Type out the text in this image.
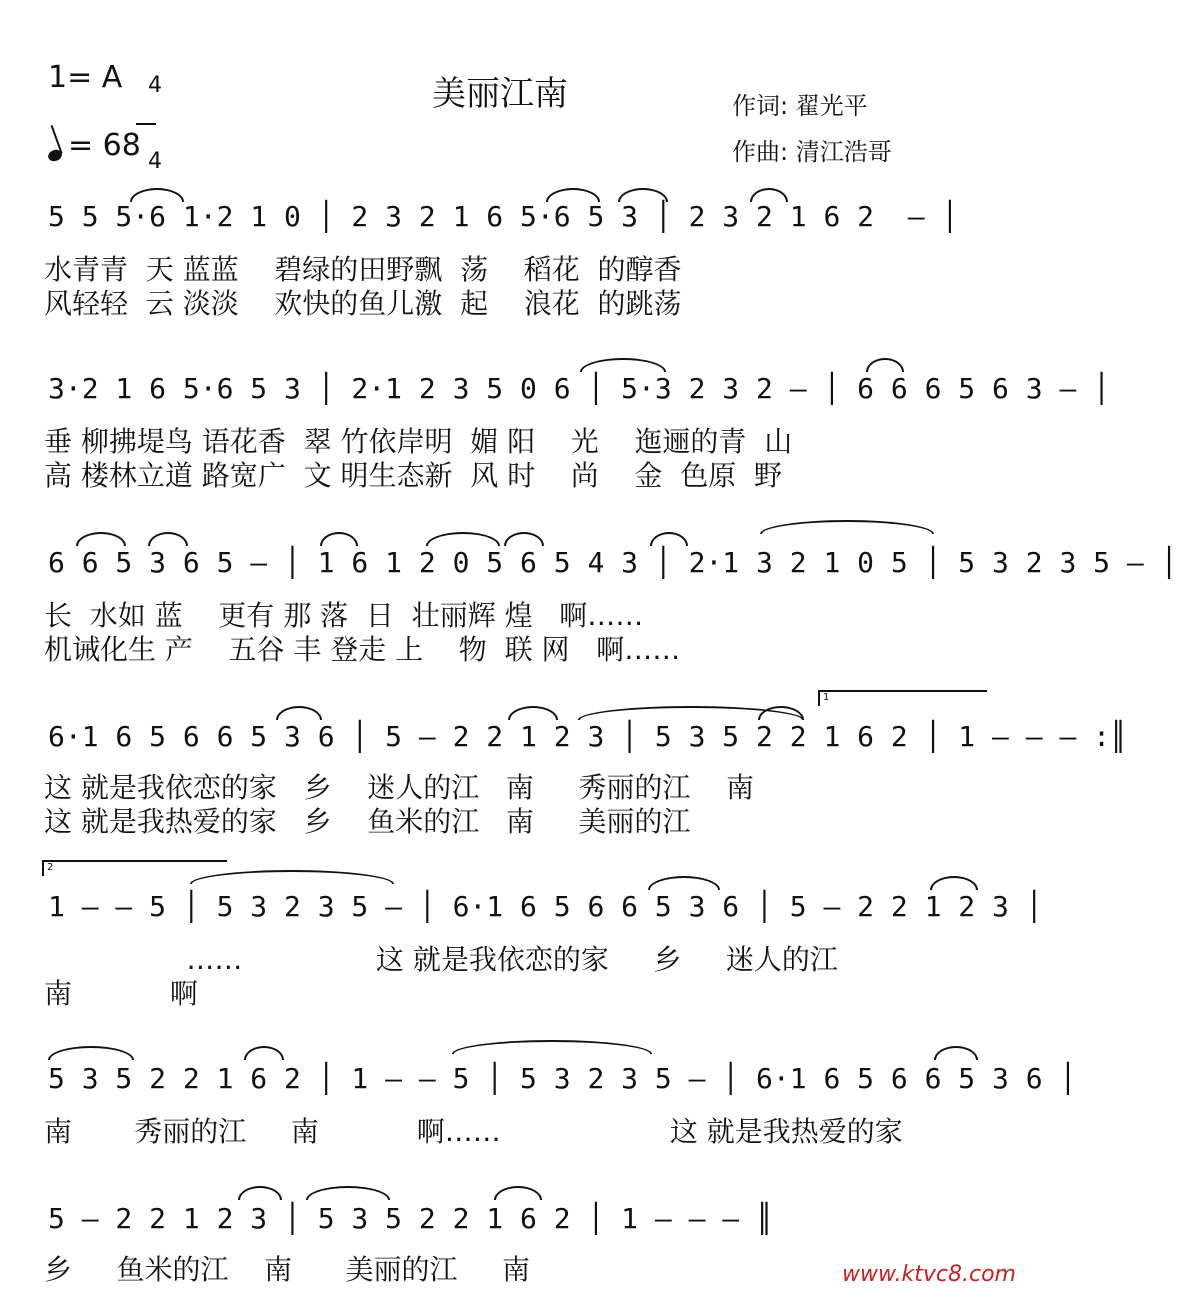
1= A	4

4

= 68
美丽江南	作词: 翟光平
作曲: 清江浩哥
5 5 5·6 1·2 1 0 │ 2 3 2 1 6 5·6 5 3 │ 2 3 2 1 6 2  – │
水青青  天 蓝蓝    碧绿的田野飘  荡    稻花  的醇香
风轻轻  云 淡淡    欢快的鱼儿激  起    浪花  的跳荡
3·2 1 6 5·6 5 3 │ 2·1 2 3 5 0 6 │ 5·3 2 3 2 – │ 6 6 6 5 6 3 – │
垂 柳拂堤鸟 语花香  翠 竹依岸明  媚 阳    光    迤逦的青  山
高 楼林立道 路宽广  文 明生态新  风 时    尚    金  色原  野
6 6 5 3 6 5 – │ 1 6 1 2 0 5 6 5 4 3 │ 2·1 3 2 1 0 5 │ 5 3 2 3 5 – │
长  水如 蓝    更有 那 落  日  壮丽辉 煌   啊……
机诫化生 产    五谷 丰 登走 上    物  联 网   啊……
1
6·1 6 5 6 6 5 3 6 │ 5 – 2 2 1 2 3 │ 5 3 5 2 2 1 6 2 │ 1 – – – :║
这 就是我依恋的家   乡    迷人的江   南     秀丽的江    南
这 就是我热爱的家   乡    鱼米的江   南     美丽的江
2
1 – – 5 │ 5 3 2 3 5 – │ 6·1 6 5 6 6 5 3 6 │ 5 – 2 2 1 2 3 │
……               这 就是我依恋的家     乡     迷人的江
南           啊
5 3 5 2 2 1 6 2 │ 1 – – 5 │ 5 3 2 3 5 – │ 6·1 6 5 6 6 5 3 6 │
南       秀丽的江     南           啊……                   这 就是我热爱的家
5 – 2 2 1 2 3 │ 5 3 5 2 2 1 6 2 │ 1 – – – ║
乡     鱼米的江    南      美丽的江     南	www.ktvc8.com
